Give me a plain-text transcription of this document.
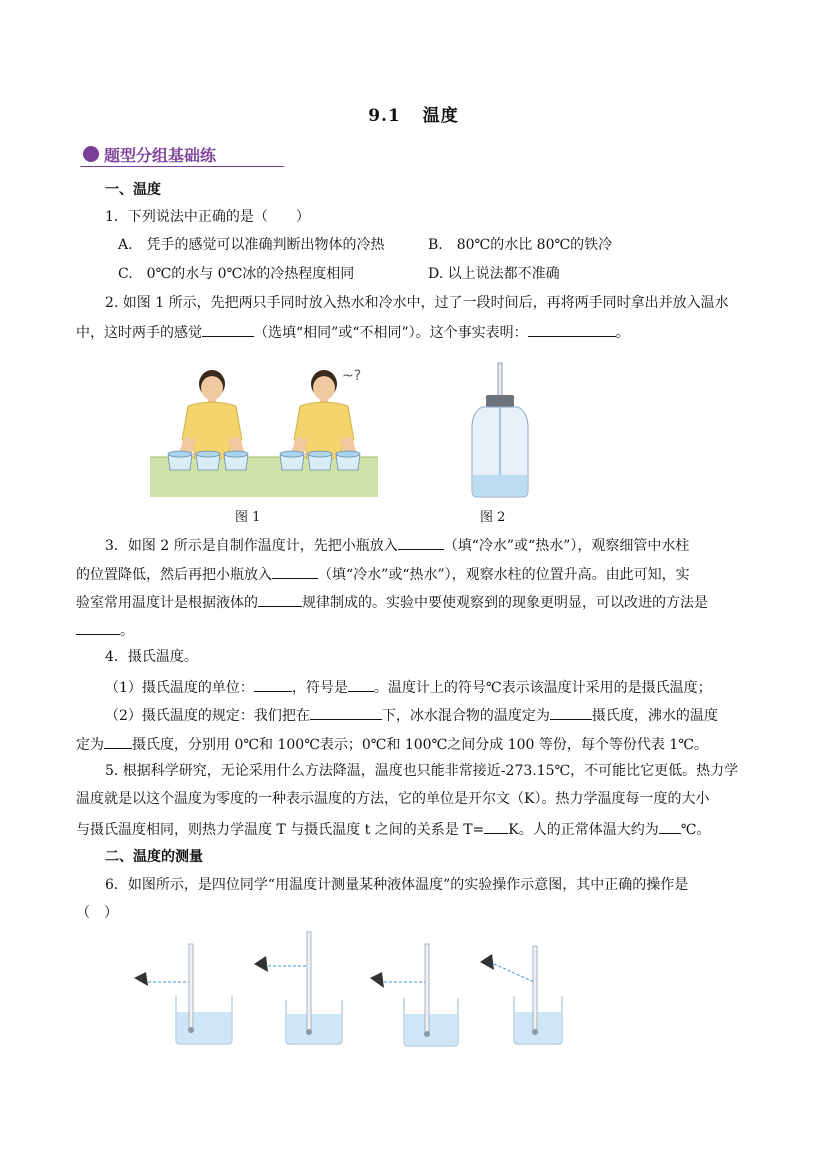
9.1 温度
题型分组基础练
一、温度
1．下列说法中正确的是（　　）
A.　凭手的感觉可以准确判断出物体的冷热	B.　80℃的水比 80℃的铁冷
C.　0℃的水与 0℃冰的冷热程度相同	D. 以上说法都不准确
2. 如图 1 所示，先把两只手同时放入热水和冷水中，过了一段时间后，再将两手同时拿出并放入温水
中，这时两手的感觉	（选填“相同”或“不相同”）。这个事实表明：	。
~?
图 1	图 2
3．如图 2 所示是自制作温度计，先把小瓶放入	（填“冷水”或“热水”），观察细管中水柱
的位置降低，然后再把小瓶放入	（填“冷水”或“热水”），观察水柱的位置升高。由此可知，实
验室常用温度计是根据液体的	规律制成的。实验中要使观察到的现象更明显，可以改进的方法是
。
4．摄氏温度。
（1）摄氏温度的单位：	，符号是 。温度计上的符号℃表示该温度计采用的是摄氏温度；
（2）摄氏温度的规定：我们把在	下，冰水混合物的温度定为	摄氏度，沸水的温度
定为 摄氏度，分别用 0℃和 100℃表示；0℃和 100℃之间分成 100 等份，每个等份代表 1℃。
5. 根据科学研究，无论采用什么方法降温，温度也只能非常接近-273.15℃，不可能比它更低。热力学
温度就是以这个温度为零度的一种表示温度的方法，它的单位是开尔文（K）。热力学温度每一度的大小
与摄氏温度相同，则热力学温度 T 与摄氏温度 t 之间的关系是 T= K。人的正常体温大约为 ℃。
二、温度的测量
6．如图所示，是四位同学“用温度计测量某种液体温度”的实验操作示意图，其中正确的操作是
（　）
